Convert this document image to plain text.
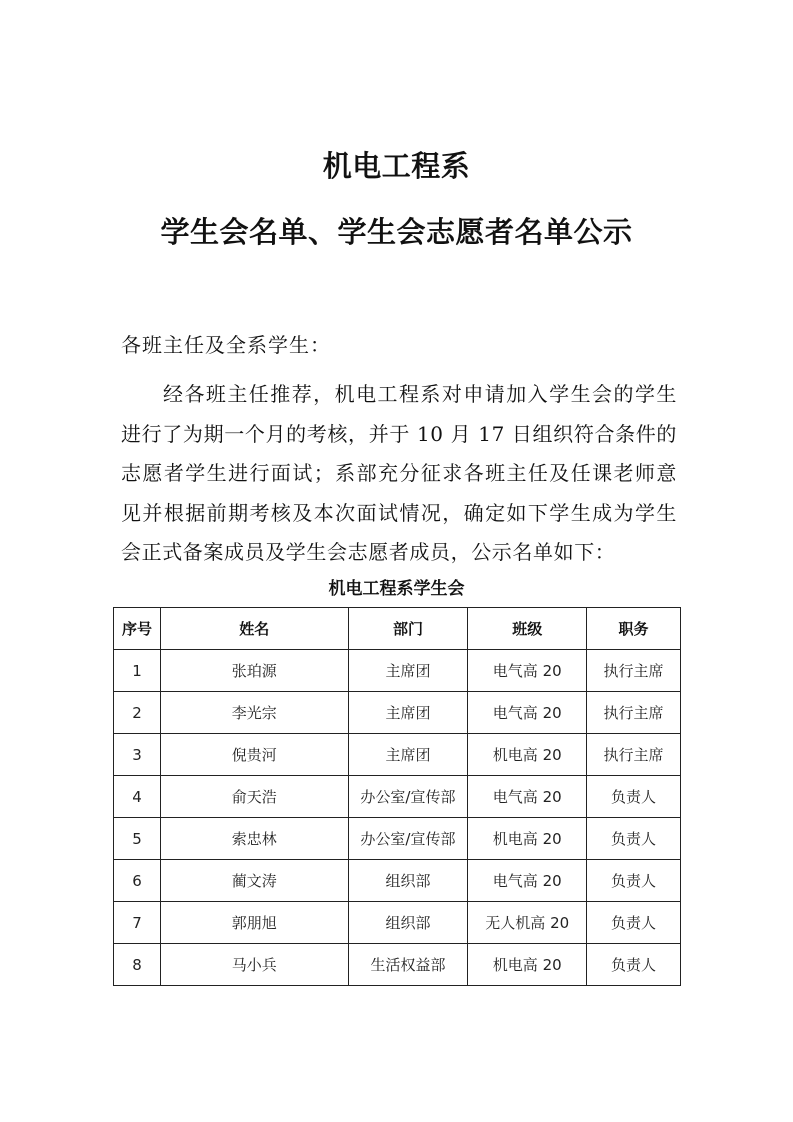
机电工程系
学生会名单、学生会志愿者名单公示
各班主任及全系学生：
经各班主任推荐，机电工程系对申请加入学生会的学生进行了为期一个月的考核，并于 10 月 17 日组织符合条件的志愿者学生进行面试；系部充分征求各班主任及任课老师意见并根据前期考核及本次面试情况，确定如下学生成为学生会正式备案成员及学生会志愿者成员，公示名单如下：
机电工程系学生会
序号	姓名	部门	班级	职务
1	张珀源	主席团	电气高 20	执行主席
2	李光宗	主席团	电气高 20	执行主席
3	倪贵河	主席团	机电高 20	执行主席
4	俞天浩	办公室/宣传部	电气高 20	负责人
5	索忠林	办公室/宣传部	机电高 20	负责人
6	蔺文涛	组织部	电气高 20	负责人
7	郭朋旭	组织部	无人机高 20	负责人
8	马小兵	生活权益部	机电高 20	负责人
